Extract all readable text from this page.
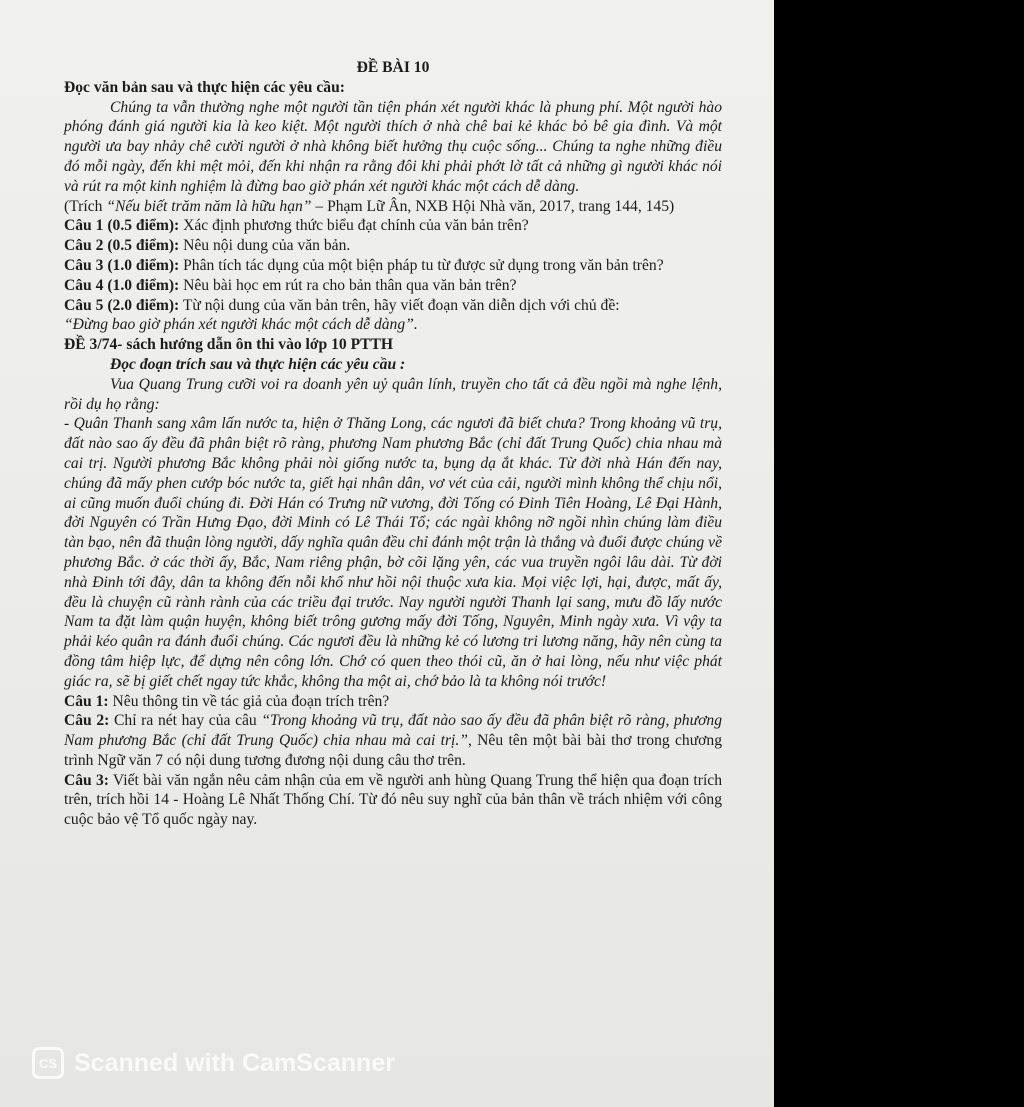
ĐỀ BÀI 10
Đọc văn bản sau và thực hiện các yêu cầu:

Chúng ta vẫn thường nghe một người tần tiện phán xét người khác là phung phí. Một người hào phóng đánh giá người kia là keo kiệt. Một người thích ở nhà chê bai kẻ khác bỏ bê gia đình. Và một người ưa bay nhảy chê cười người ở nhà không biết hưởng thụ cuộc sống... Chúng ta nghe những điều đó mỗi ngày, đến khi mệt mỏi, đến khi nhận ra rằng đôi khi phải phớt lờ tất cả những gì người khác nói và rút ra một kinh nghiệm là đừng bao giờ phán xét người khác một cách dễ dàng.

(Trích “Nếu biết trăm năm là hữu hạn” – Phạm Lữ Ân, NXB Hội Nhà văn, 2017, trang 144, 145)

Câu 1 (0.5 điểm): Xác định phương thức biểu đạt chính của văn bản trên?

Câu 2 (0.5 điểm): Nêu nội dung của văn bản.

Câu 3 (1.0 điểm): Phân tích tác dụng của một biện pháp tu từ được sử dụng trong văn bản trên?

Câu 4 (1.0 điểm): Nêu bài học em rút ra cho bản thân qua văn bản trên?

Câu 5 (2.0 điểm): Từ nội dung của văn bản trên, hãy viết đoạn văn diễn dịch với chủ đề:
“Đừng bao giờ phán xét người khác một cách dễ dàng”.

ĐỀ 3/74- sách hướng dẫn ôn thi vào lớp 10 PTTH
Đọc đoạn trích sau và thực hiện các yêu cầu :

Vua Quang Trung cưỡi voi ra doanh yên uỷ quân lính, truyền cho tất cả đều ngồi mà nghe lệnh, rồi dụ họ rằng:

- Quân Thanh sang xâm lấn nước ta, hiện ở Thăng Long, các ngươi đã biết chưa? Trong khoảng vũ trụ, đất nào sao ấy đều đã phân biệt rõ ràng, phương Nam phương Bắc (chỉ đất Trung Quốc) chia nhau mà cai trị. Người phương Bắc không phải nòi giống nước ta, bụng dạ ắt khác. Từ đời nhà Hán đến nay, chúng đã mấy phen cướp bóc nước ta, giết hại nhân dân, vơ vét của cải, người mình không thể chịu nổi, ai cũng muốn đuổi chúng đi. Đời Hán có Trưng nữ vương, đời Tống có Đinh Tiên Hoàng, Lê Đại Hành, đời Nguyên có Trần Hưng Đạo, đời Minh có Lê Thái Tổ; các ngài không nỡ ngồi nhìn chúng làm điều tàn bạo, nên đã thuận lòng người, dấy nghĩa quân đều chỉ đánh một trận là thắng và đuổi được chúng về phương Bắc. ở các thời ấy, Bắc, Nam riêng phận, bờ cõi lặng yên, các vua truyền ngôi lâu dài. Từ đời nhà Đinh tới đây, dân ta không đến nỗi khổ như hồi nội thuộc xưa kia. Mọi việc lợi, hại, được, mất ấy, đều là chuyện cũ rành rành của các triều đại trước. Nay người người Thanh lại sang, mưu đồ lấy nước Nam ta đặt làm quận huyện, không biết trông gương mấy đời Tống, Nguyên, Minh ngày xưa. Vì vậy ta phải kéo quân ra đánh đuổi chúng. Các ngươi đều là những kẻ có lương tri lương năng, hãy nên cùng ta đồng tâm hiệp lực, để dựng nên công lớn. Chớ có quen theo thói cũ, ăn ở hai lòng, nếu như việc phát giác ra, sẽ bị giết chết ngay tức khắc, không tha một ai, chớ bảo là ta không nói trước!

Câu 1: Nêu thông tin về tác giả của đoạn trích trên?

Câu 2: Chỉ ra nét hay của câu “Trong khoảng vũ trụ, đất nào sao ấy đều đã phân biệt rõ ràng, phương Nam phương Bắc (chỉ đất Trung Quốc) chia nhau mà cai trị.”, Nêu tên một bài bài thơ trong chương trình Ngữ văn 7 có nội dung tương đương nội dung câu thơ trên.

Câu 3: Viết bài văn ngắn nêu cảm nhận của em về người anh hùng Quang Trung thể hiện qua đoạn trích trên, trích hồi 14 - Hoàng Lê Nhất Thống Chí. Từ đó nêu suy nghĩ của bản thân về trách nhiệm với công cuộc bảo vệ Tổ quốc ngày nay.

CS Scanned with CamScanner
